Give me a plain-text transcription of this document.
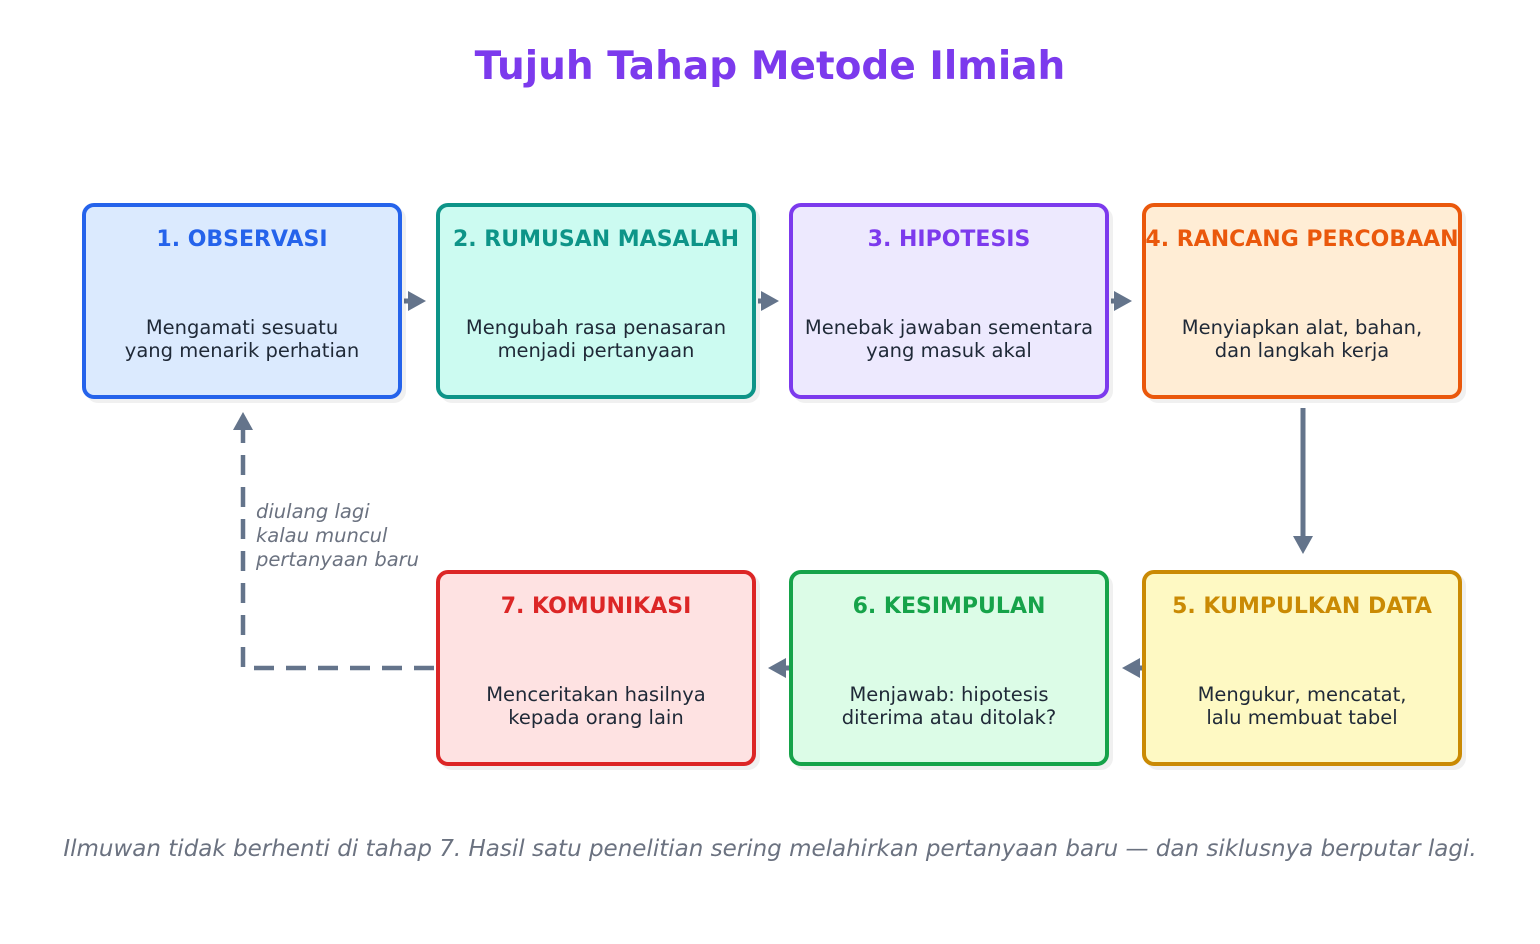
Tujuh Tahap Metode Ilmiah
1. OBSERVASI
Mengamati sesuatu
yang menarik perhatian
2. RUMUSAN MASALAH
Mengubah rasa penasaran
menjadi pertanyaan
3. HIPOTESIS
Menebak jawaban sementara
yang masuk akal
4. RANCANG PERCOBAAN
Menyiapkan alat, bahan,
dan langkah kerja
5. KUMPULKAN DATA
Mengukur, mencatat,
lalu membuat tabel
6. KESIMPULAN
Menjawab: hipotesis
diterima atau ditolak?
7. KOMUNIKASI
Menceritakan hasilnya
kepada orang lain
diulang lagi
kalau muncul
pertanyaan baru
Ilmuwan tidak berhenti di tahap 7. Hasil satu penelitian sering melahirkan pertanyaan baru — dan siklusnya berputar lagi.
